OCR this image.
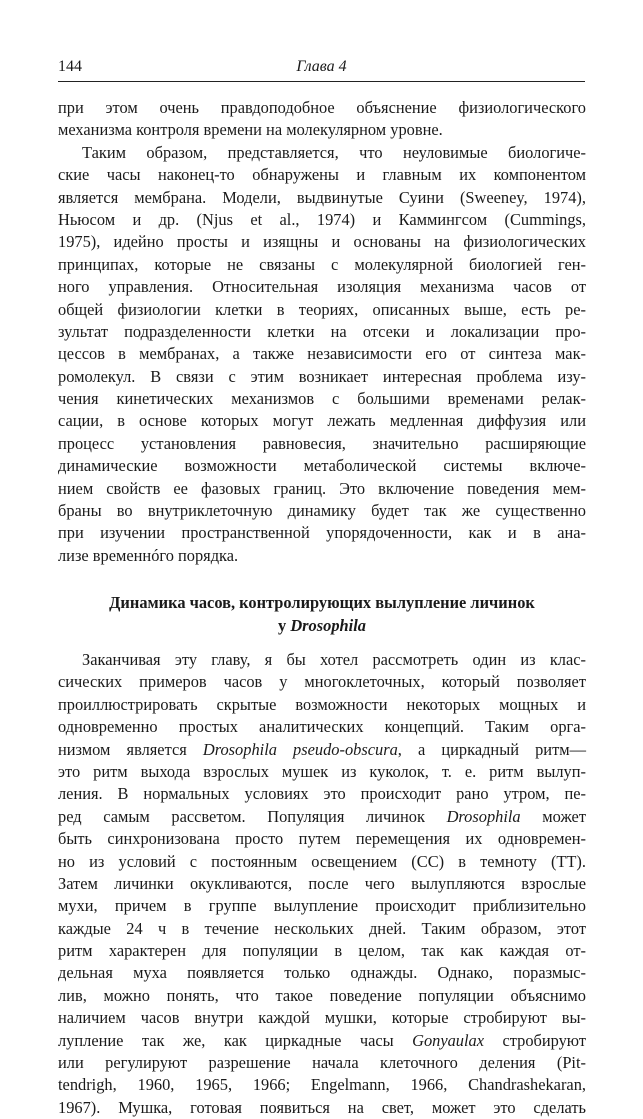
144	Глава 4
при этом очень правдоподобное объяснение физиологического
механизма контроля времени на молекулярном уровне.
Таким образом, представляется, что неуловимые биологиче-
ские часы наконец-то обнаружены и главным их компонентом
является мембрана. Модели, выдвинутые Суини (Sweeney, 1974),
Ньюсом и др. (Njus et al., 1974) и Каммингсом (Cummings,
1975), идейно просты и изящны и основаны на физиологических
принципах, которые не связаны с молекулярной биологией ген-
ного управления. Относительная изоляция механизма часов от
общей физиологии клетки в теориях, описанных выше, есть ре-
зультат подразделенности клетки на отсеки и локализации про-
цессов в мембранах, а также независимости его от синтеза мак-
ромолекул. В связи с этим возникает интересная проблема изу-
чения кинетических механизмов с большими временами релак-
сации, в основе которых могут лежать медленная диффузия или
процесс установления равновесия, значительно расширяющие
динамические возможности метаболической системы включе-
нием свойств ее фазовых границ. Это включение поведения мем-
браны во внутриклеточную динамику будет так же существенно
при изучении пространственной упорядоченности, как и в ана-
лизе временнóго порядка.
Динамика часов, контролирующих вылупление личинок
у Drosophila
Заканчивая эту главу, я бы хотел рассмотреть один из клас-
сических примеров часов у многоклеточных, который позволяет
проиллюстрировать скрытые возможности некоторых мощных и
одновременно простых аналитических концепций. Таким орга-
низмом является Drosophila pseudo-obscura, а циркадный ритм—
это ритм выхода взрослых мушек из куколок, т. е. ритм вылуп-
ления. В нормальных условиях это происходит рано утром, пе-
ред самым рассветом. Популяция личинок Drosophila может
быть синхронизована просто путем перемещения их одновремен-
но из условий с постоянным освещением (СС) в темноту (ТТ).
Затем личинки окукливаются, после чего вылупляются взрослые
мухи, причем в группе вылупление происходит приблизительно
каждые 24 ч в течение нескольких дней. Таким образом, этот
ритм характерен для популяции в целом, так как каждая от-
дельная муха появляется только однажды. Однако, поразмыс-
лив, можно понять, что такое поведение популяции объяснимо
наличием часов внутри каждой мушки, которые стробируют вы-
лупление так же, как циркадные часы Gonyaulax стробируют
или регулируют разрешение начала клеточного деления (Pit-
tendrigh, 1960, 1965, 1966; Engelmann, 1966, Chandrashekaran,
1967). Мушка, готовая появиться на свет, может это сделать
